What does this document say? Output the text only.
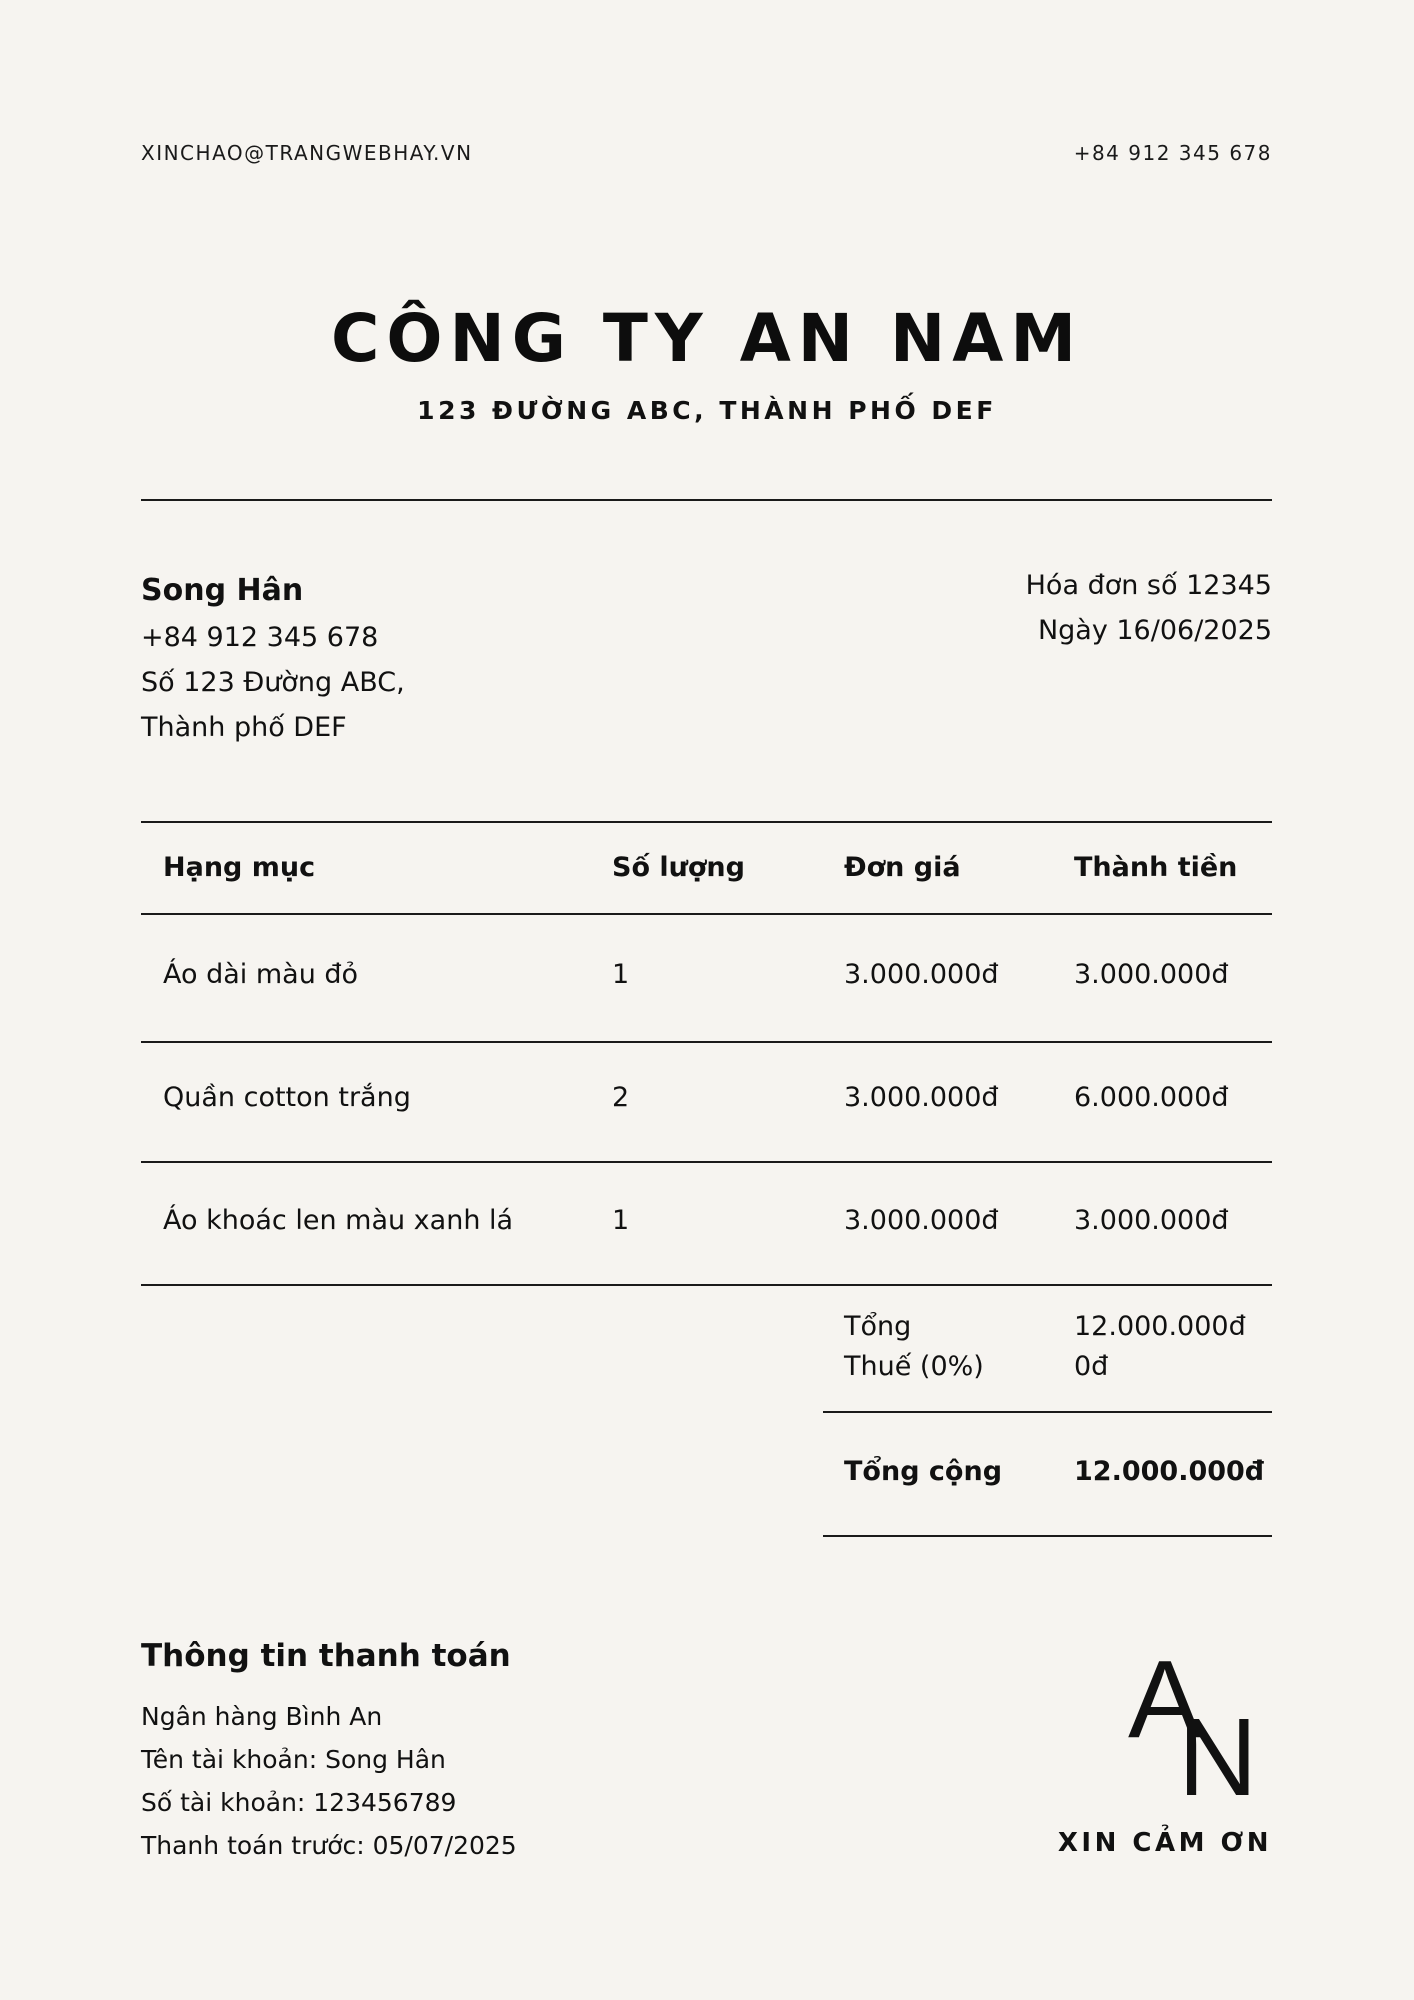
XINCHAO@TRANGWEBHAY.VN	+84 912 345 678
CÔNG TY AN NAM
123 ĐƯỜNG ABC, THÀNH PHỐ DEF
Song Hân
+84 912 345 678
Số 123 Đường ABC,
Thành phố DEF
Hóa đơn số 12345
Ngày 16/06/2025
Hạng mục	Số lượng	Đơn giá	Thành tiền
Áo dài màu đỏ	1	3.000.000đ	3.000.000đ
Quần cotton trắng	2	3.000.000đ	6.000.000đ
Áo khoác len màu xanh lá	1	3.000.000đ	3.000.000đ
Tổng	12.000.000đ
Thuế (0%)	0đ
Tổng cộng	12.000.000đ
Thông tin thanh toán
Ngân hàng Bình An
Tên tài khoản: Song Hân
Số tài khoản: 123456789
Thanh toán trước: 05/07/2025
A
N
XIN CẢM ƠN
